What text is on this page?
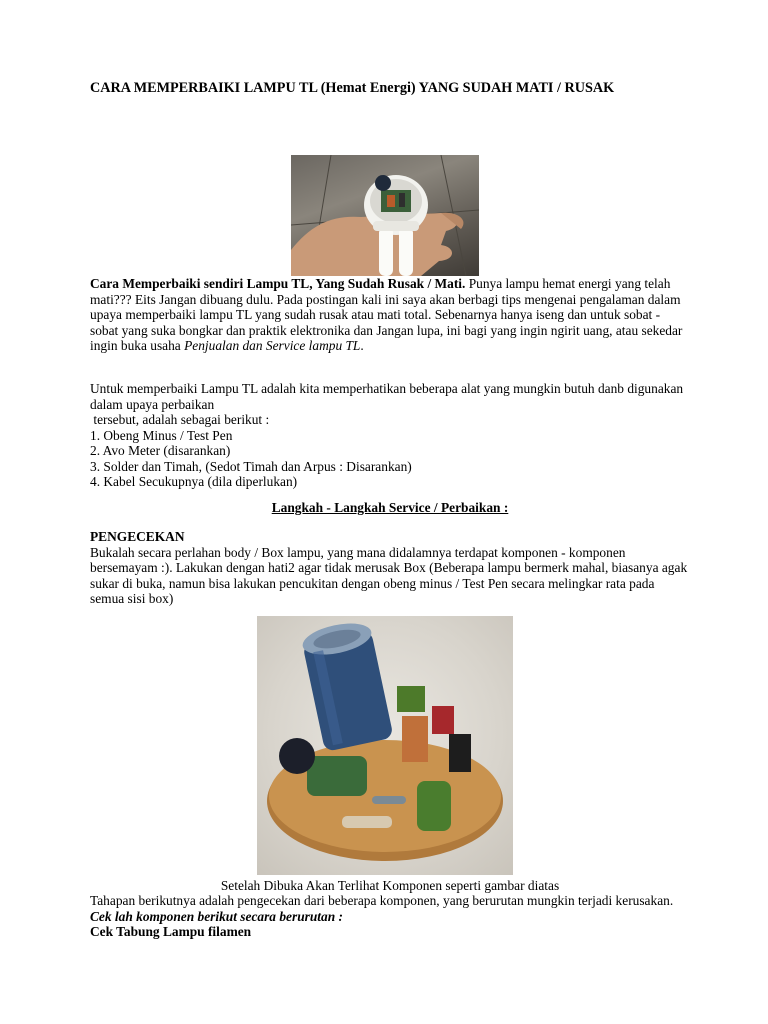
CARA MEMPERBAIKI LAMPU TL (Hemat Energi) YANG SUDAH MATI / RUSAK
Cara Memperbaiki sendiri Lampu TL, Yang Sudah Rusak / Mati. Punya lampu hemat energi yang telah mati??? Eits Jangan dibuang dulu. Pada postingan kali ini saya akan berbagi tips mengenai pengalaman dalam upaya memperbaiki lampu TL yang sudah rusak atau mati total. Sebenarnya hanya iseng dan untuk sobat - sobat yang suka bongkar dan praktik elektronika dan Jangan lupa, ini bagi yang ingin ngirit uang, atau sekedar ingin buka usaha Penjualan dan Service lampu TL.
Untuk memperbaiki Lampu TL adalah kita memperhatikan beberapa alat yang mungkin butuh danb digunakan dalam upaya perbaikan
tersebut, adalah sebagai berikut :
1. Obeng Minus / Test Pen
2. Avo Meter (disarankan)
3. Solder dan Timah, (Sedot Timah dan Arpus : Disarankan)
4. Kabel Secukupnya (dila diperlukan)
Langkah - Langkah Service / Perbaikan :
PENGECEKAN
Bukalah secara perlahan body / Box lampu, yang mana didalamnya terdapat komponen - komponen bersemayam :). Lakukan dengan hati2 agar tidak merusak Box (Beberapa lampu bermerk mahal, biasanya agak sukar di buka, namun bisa lakukan pencukitan dengan obeng minus / Test Pen secara melingkar rata pada semua sisi box)
Setelah Dibuka Akan Terlihat Komponen seperti gambar diatas
Tahapan berikutnya adalah pengecekan dari beberapa komponen, yang berurutan mungkin terjadi kerusakan. Cek lah komponen berikut secara berurutan :
Cek Tabung Lampu filamen
